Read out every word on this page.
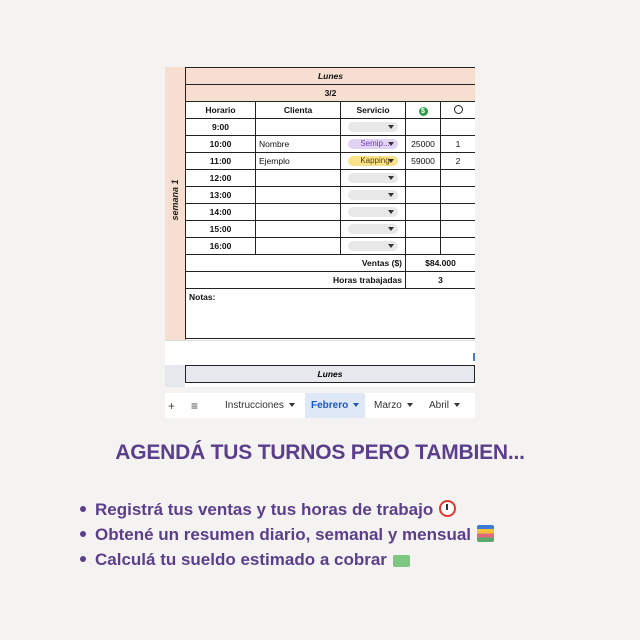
semana 1
Lunes				
3/2				
Horario	Clienta	Servicio	$	
9:00		

10:00	Nombre	Semip...	25000	1
11:00	Ejemplo	Kapping	59000	2
12:00		

13:00		

14:00		

15:00		

16:00		

Ventas ($)			$84.000	
Horas trabajadas			3	
Notas:				
Lunes
+ ≡	Instrucciones	Febrero	Marzo	Abril
AGENDÁ TUS TURNOS PERO TAMBIEN...
Registrá tus ventas y tus horas de trabajo
Obtené un resumen diario, semanal y mensual
Calculá tu sueldo estimado a cobrar
